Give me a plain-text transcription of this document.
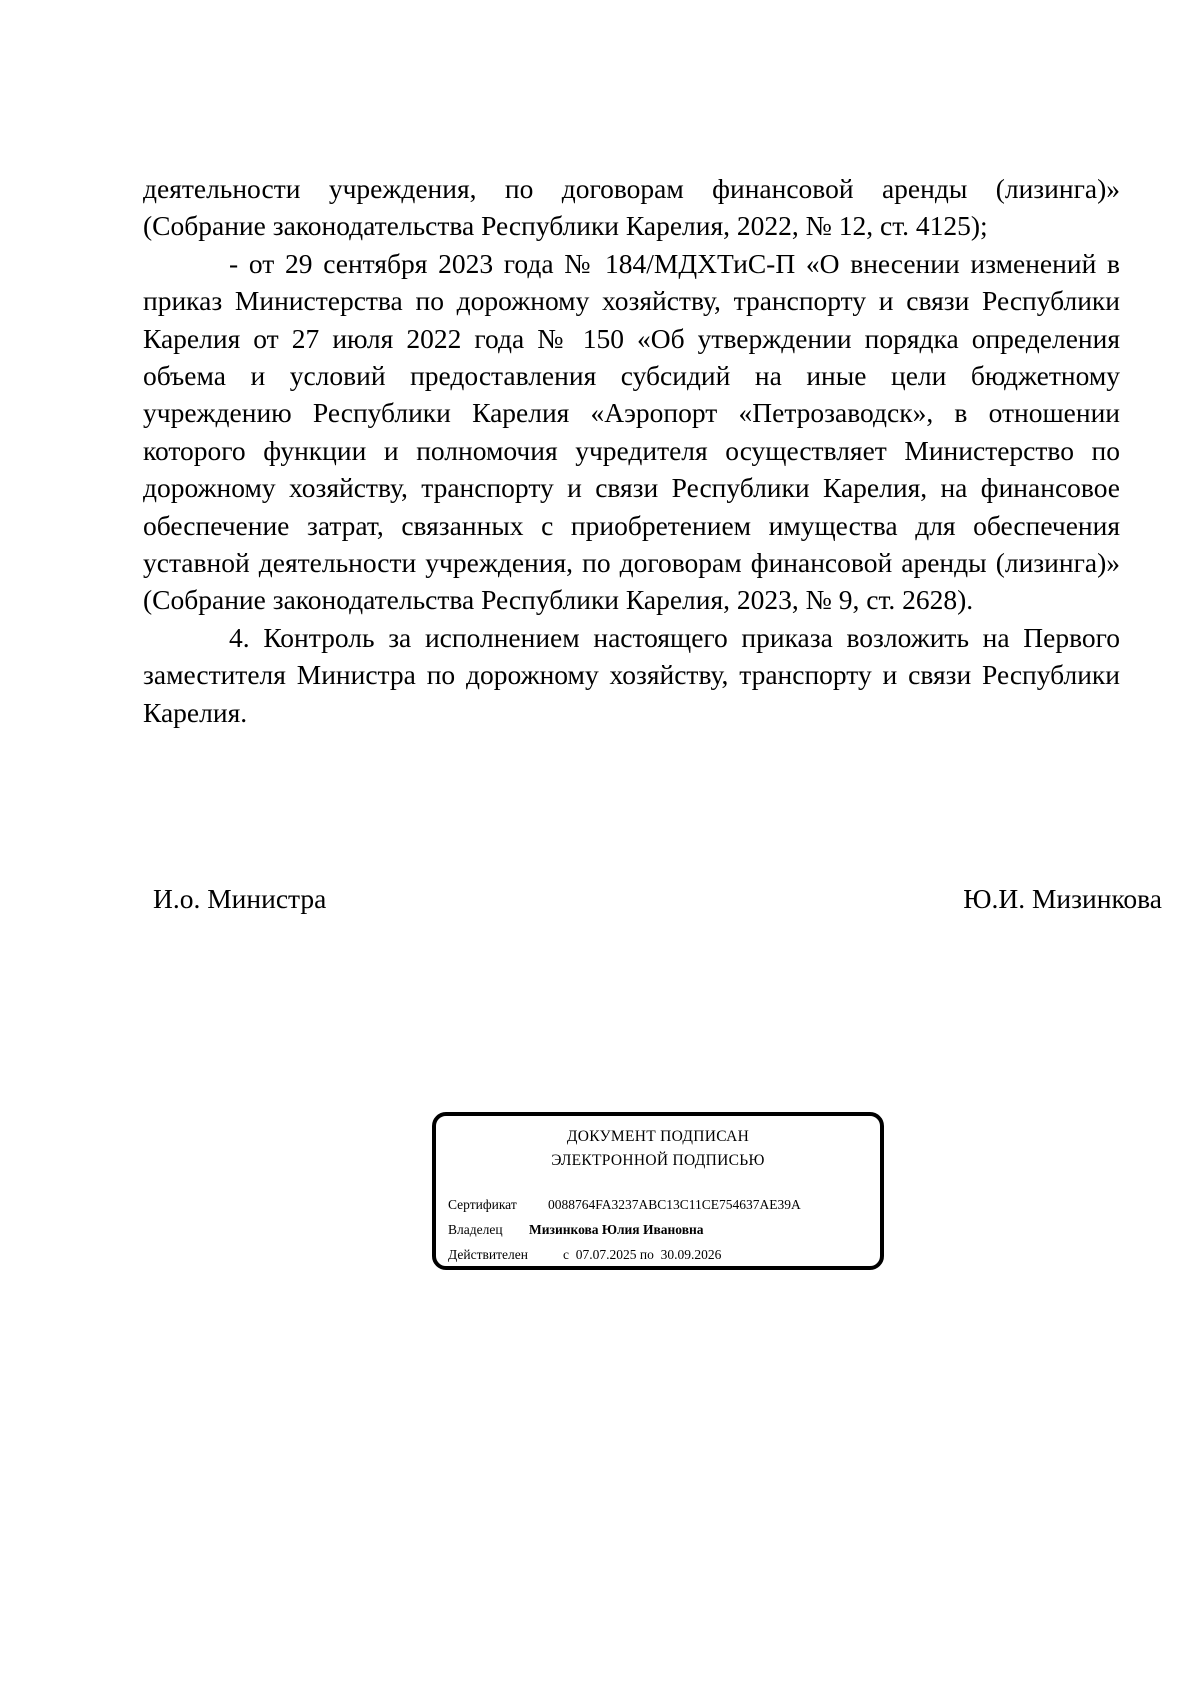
деятельности учреждения, по договорам финансовой аренды (лизинга)» (Собрание законодательства Республики Карелия, 2022, № 12, ст. 4125);

- от 29 сентября 2023 года № 184/МДХТиС-П «О внесении изменений в приказ Министерства по дорожному хозяйству, транспорту и связи Республики Карелия от 27 июля 2022 года № 150 «Об утверждении порядка определения объема и условий предоставления субсидий на иные цели бюджетному учреждению Республики Карелия «Аэропорт «Петрозаводск», в отношении которого функции и полномочия учредителя осуществляет Министерство по дорожному хозяйству, транспорту и связи Республики Карелия, на финансовое обеспечение затрат, связанных с приобретением имущества для обеспечения уставной деятельности учреждения, по договорам финансовой аренды (лизинга)» (Собрание законодательства Республики Карелия, 2023, № 9, ст. 2628).

4. Контроль за исполнением настоящего приказа возложить на Первого заместителя Министра по дорожному хозяйству, транспорту и связи Республики Карелия.

И.о. Министра	Ю.И. Мизинкова
ДОКУМЕНТ ПОДПИСАН
ЭЛЕКТРОННОЙ ПОДПИСЬЮ
Сертификат 0088764FA3237ABC13C11CE754637AE39A
Владелец Мизинкова Юлия Ивановна
Действителен	с 07.07.2025 по 30.09.2026
